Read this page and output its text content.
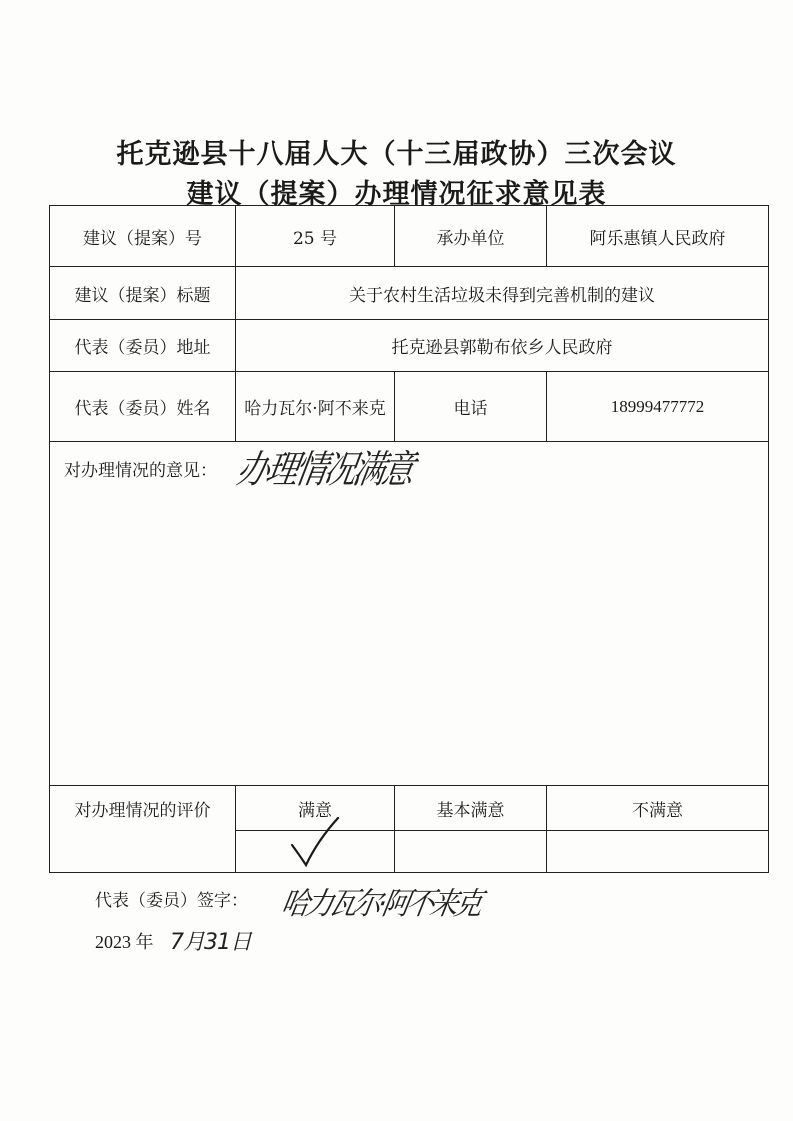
托克逊县十八届人大（十三届政协）三次会议
建议（提案）办理情况征求意见表
建议（提案）号	25 号	承办单位	阿乐惠镇人民政府
建议（提案）标题	关于农村生活垃圾未得到完善机制的建议		
代表（委员）地址	托克逊县郭勒布依乡人民政府		
代表（委员）姓名	哈力瓦尔·阿不来克	电话	18999477772

对办理情况的意见：			

对办理情况的评价	满意	基本满意	不满意

办理情况满意
代表（委员）签字： 哈力瓦尔·阿不来克
2023 年 7月31日
